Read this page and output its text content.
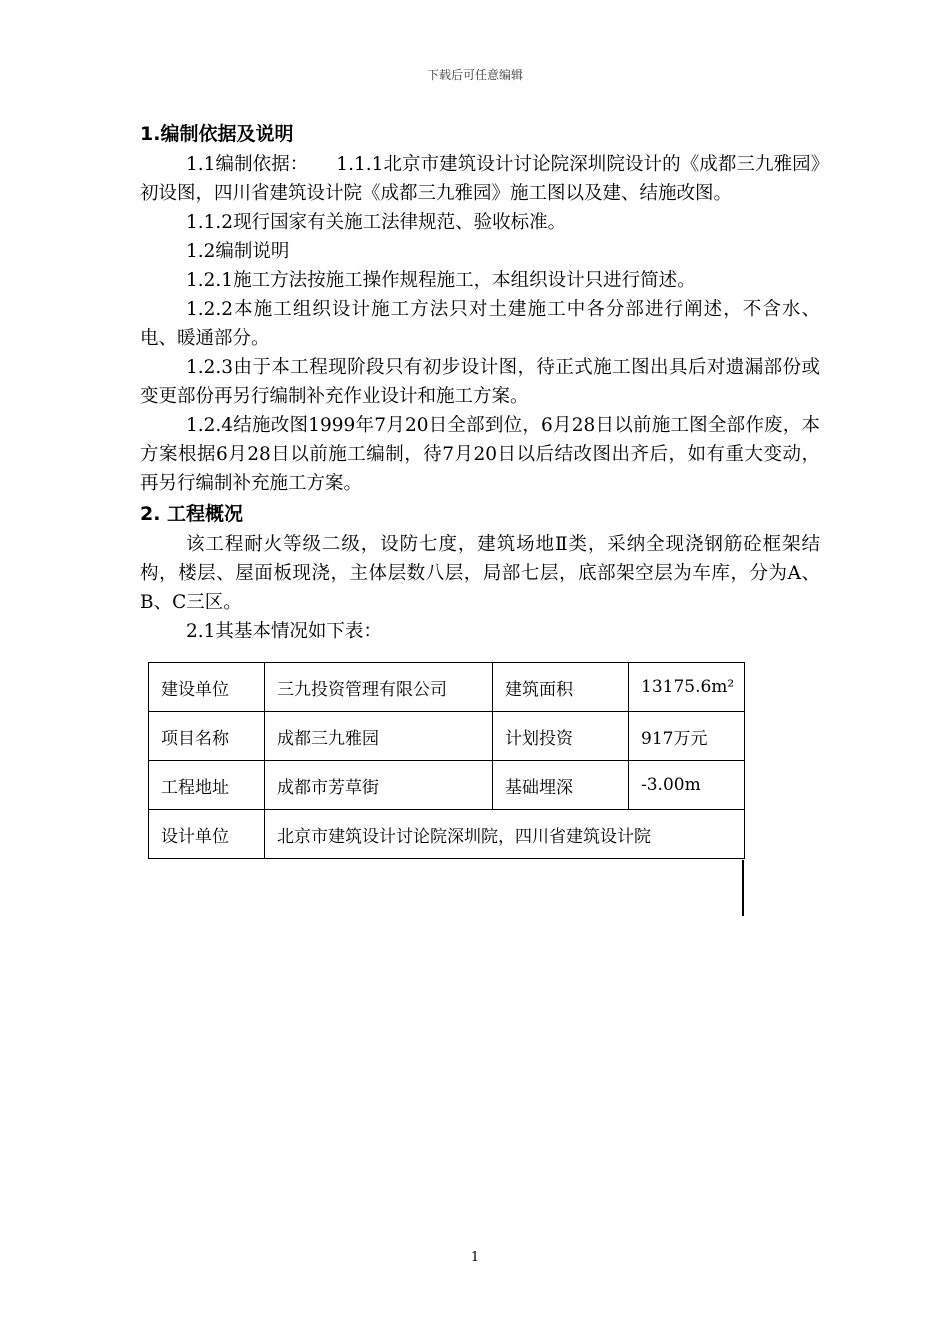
下载后可任意编辑
1.编制依据及说明

1.1编制依据：　　1.1.1北京市建筑设计讨论院深圳院设计的《成都三九雅园》初设图，四川省建筑设计院《成都三九雅园》施工图以及建、结施改图。

1.1.2现行国家有关施工法律规范、验收标准。

1.2编制说明

1.2.1施工方法按施工操作规程施工，本组织设计只进行简述。

1.2.2本施工组织设计施工方法只对土建施工中各分部进行阐述，不含水、电、暖通部分。

1.2.3由于本工程现阶段只有初步设计图，待正式施工图出具后对遗漏部份或变更部份再另行编制补充作业设计和施工方案。

1.2.4结施改图1999年7月20日全部到位，6月28日以前施工图全部作废，本方案根据6月28日以前施工编制，待7月20日以后结改图出齐后，如有重大变动，再另行编制补充施工方案。

2. 工程概况

该工程耐火等级二级，设防七度，建筑场地Ⅱ类，采纳全现浇钢筋砼框架结构，楼层、屋面板现浇，主体层数八层，局部七层，底部架空层为车库，分为A、B、C三区。

2.1其基本情况如下表：

建设单位	三九投资管理有限公司	建筑面积	13175.6m²
项目名称	成都三九雅园	计划投资	917万元
工程地址	成都市芳草街	基础埋深	-3.00m
设计单位	北京市建筑设计讨论院深圳院，四川省建筑设计院		
1
